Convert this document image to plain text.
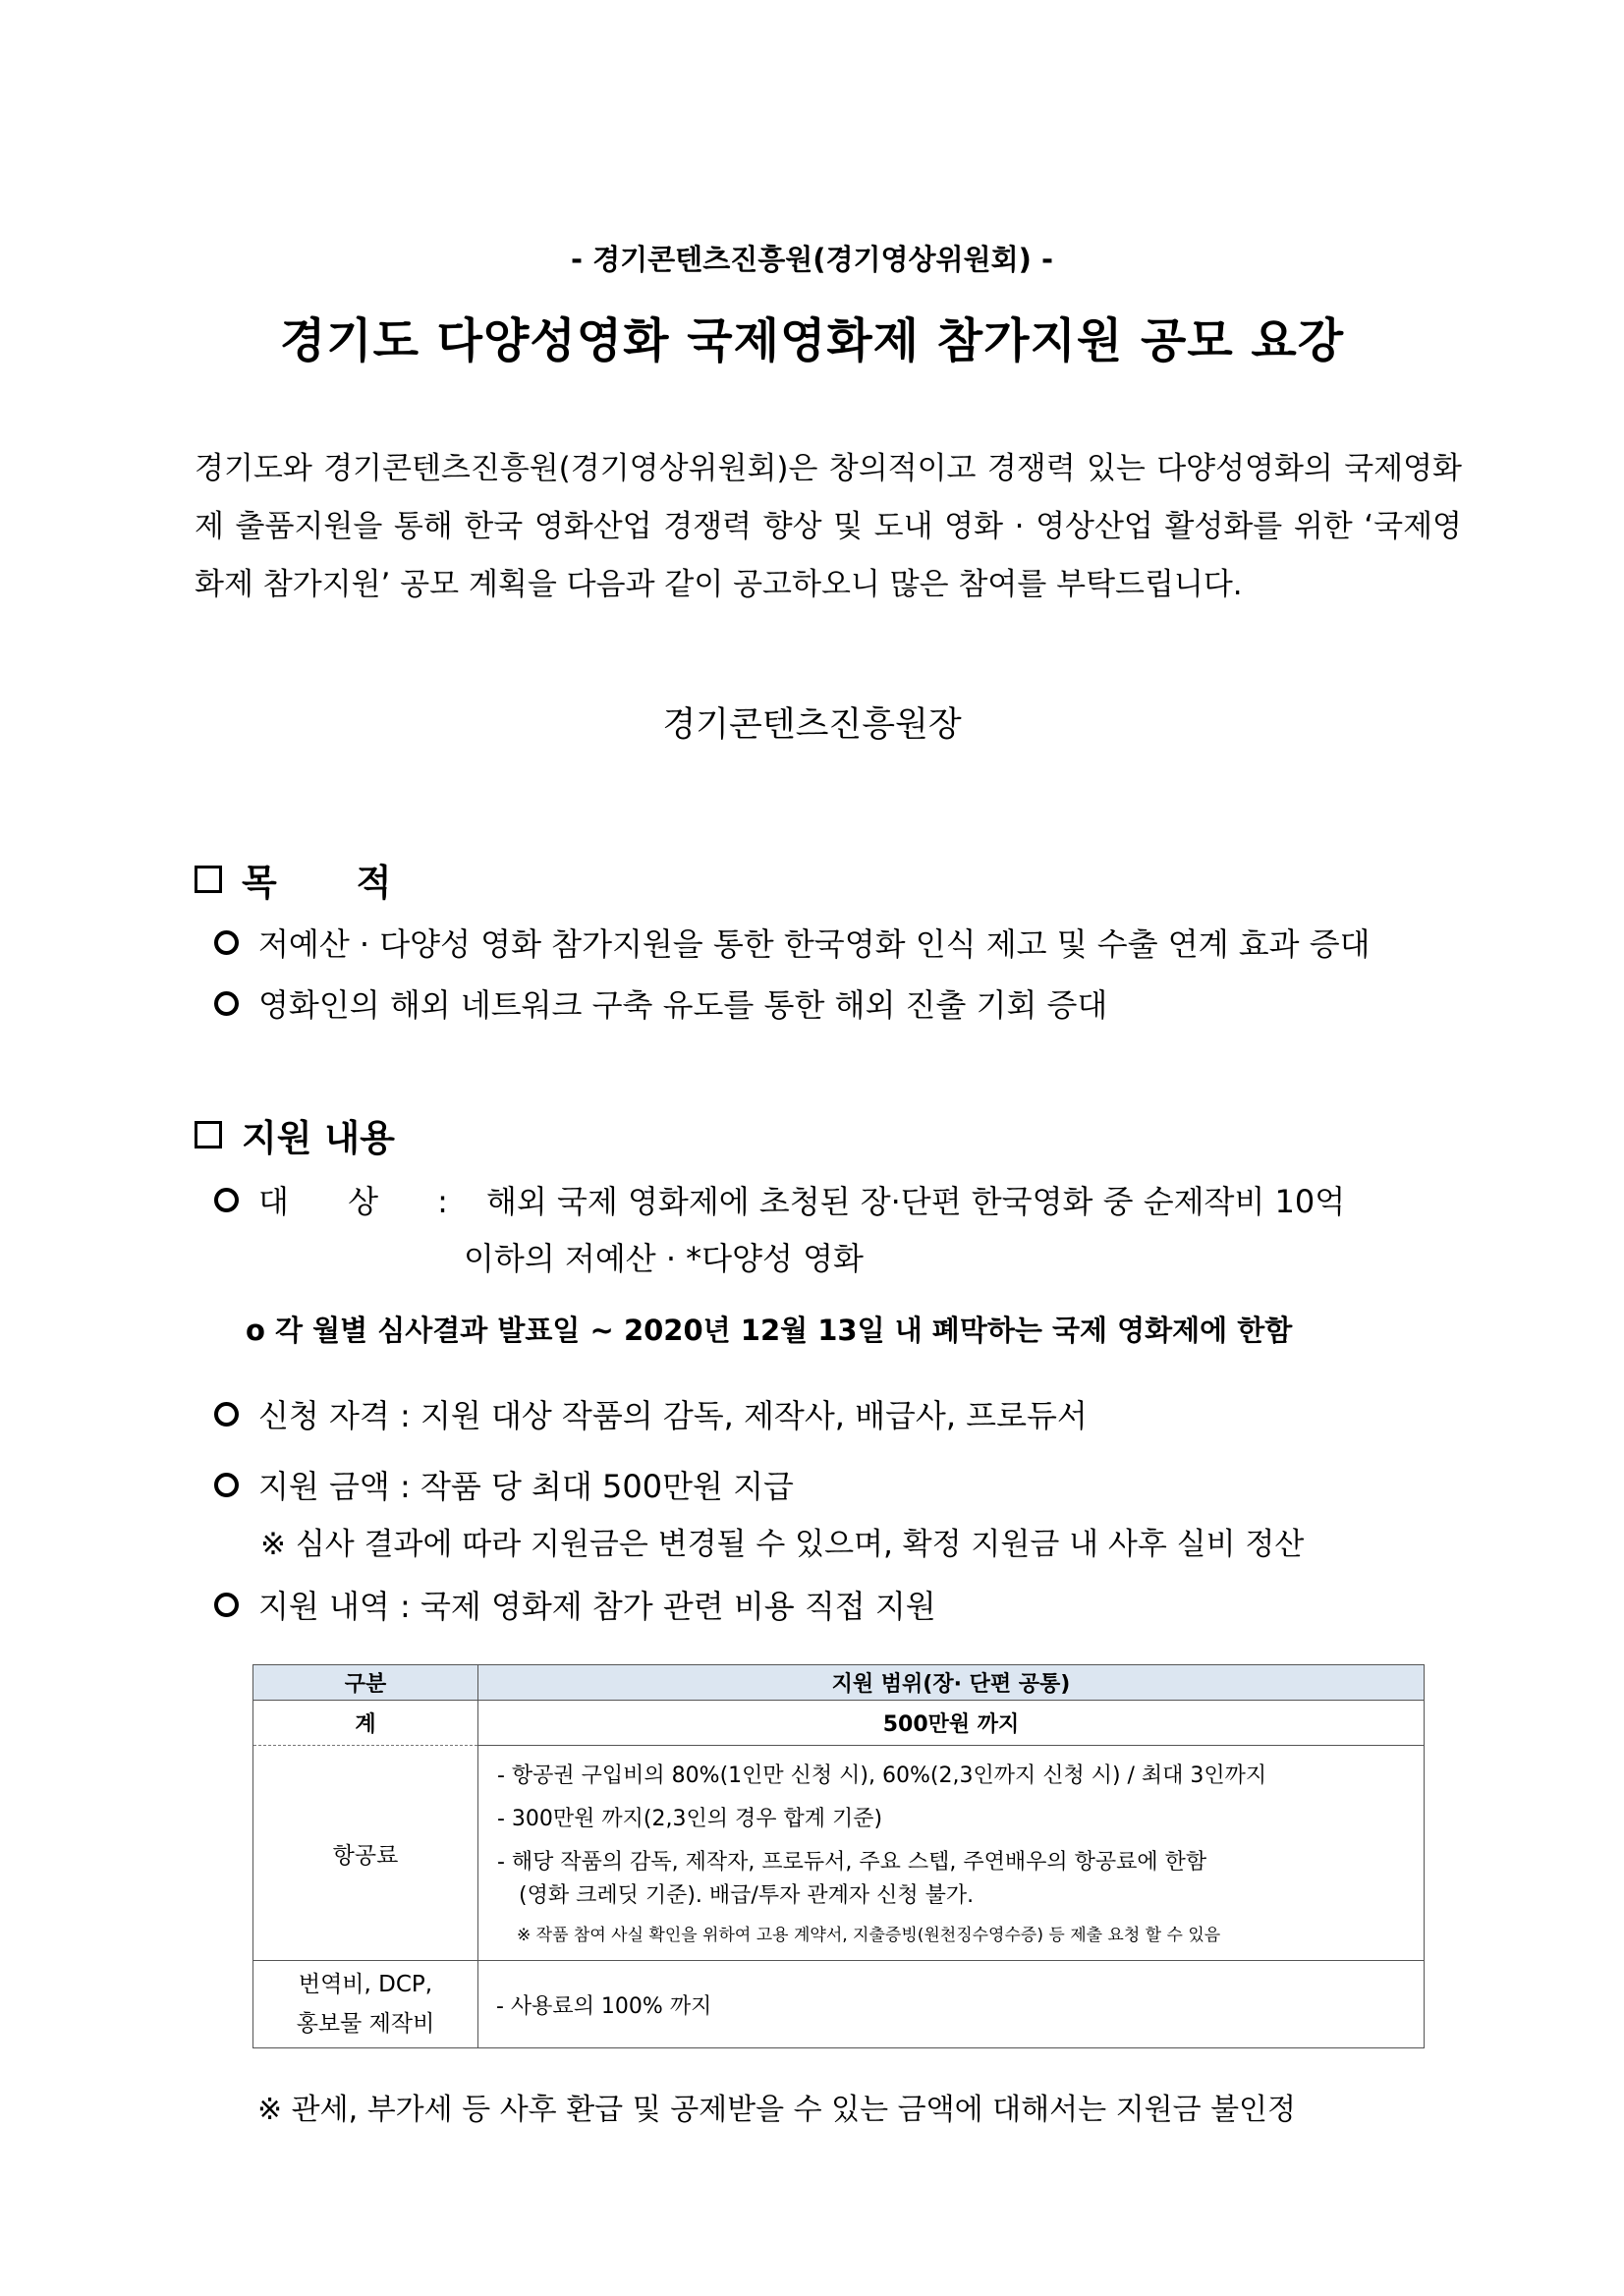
- 경기콘텐츠진흥원(경기영상위원회) -
경기도 다양성영화 국제영화제 참가지원 공모 요강
경기도와 경기콘텐츠진흥원(경기영상위원회)은 창의적이고 경쟁력 있는 다양성영화의 국제영화제 출품지원을 통해 한국 영화산업 경쟁력 향상 및 도내 영화 · 영상산업 활성화를 위한 ‘국제영화제 참가지원’ 공모 계획을 다음과 같이 공고하오니 많은 참여를 부탁드립니다.
경기콘텐츠진흥원장
목 적
저예산 · 다양성 영화 참가지원을 통한 한국영화 인식 제고 및 수출 연계 효과 증대
영화인의 해외 네트워크 구축 유도를 통한 해외 진출 기회 증대
지원 내용
대 상 :	해외 국제 영화제에 초청된 장·단편 한국영화 중 순제작비 10억
이하의 저예산 · *다양성 영화
o 각 월별 심사결과 발표일 ~ 2020년 12월 13일 내 폐막하는 국제 영화제에 한함
신청 자격 : 지원 대상 작품의 감독, 제작사, 배급사, 프로듀서
지원 금액 : 작품 당 최대 500만원 지급
※ 심사 결과에 따라 지원금은 변경될 수 있으며, 확정 지원금 내 사후 실비 정산
지원 내역 : 국제 영화제 참가 관련 비용 직접 지원
구분	지원 범위(장· 단편 공통)
계	500만원 까지
항공료	- 항공권 구입비의 80%(1인만 신청 시), 60%(2,3인까지 신청 시) / 최대 3인까지
- 300만원 까지(2,3인의 경우 합계 기준)
- 해당 작품의 감독, 제작자, 프로듀서, 주요 스텝, 주연배우의 항공료에 한함
(영화 크레딧 기준). 배급/투자 관계자 신청 불가.
※ 작품 참여 사실 확인을 위하여 고용 계약서, 지출증빙(원천징수영수증) 등 제출 요청 할 수 있음

번역비, DCP,
홍보물 제작비	- 사용료의 100% 까지
※ 관세, 부가세 등 사후 환급 및 공제받을 수 있는 금액에 대해서는 지원금 불인정
